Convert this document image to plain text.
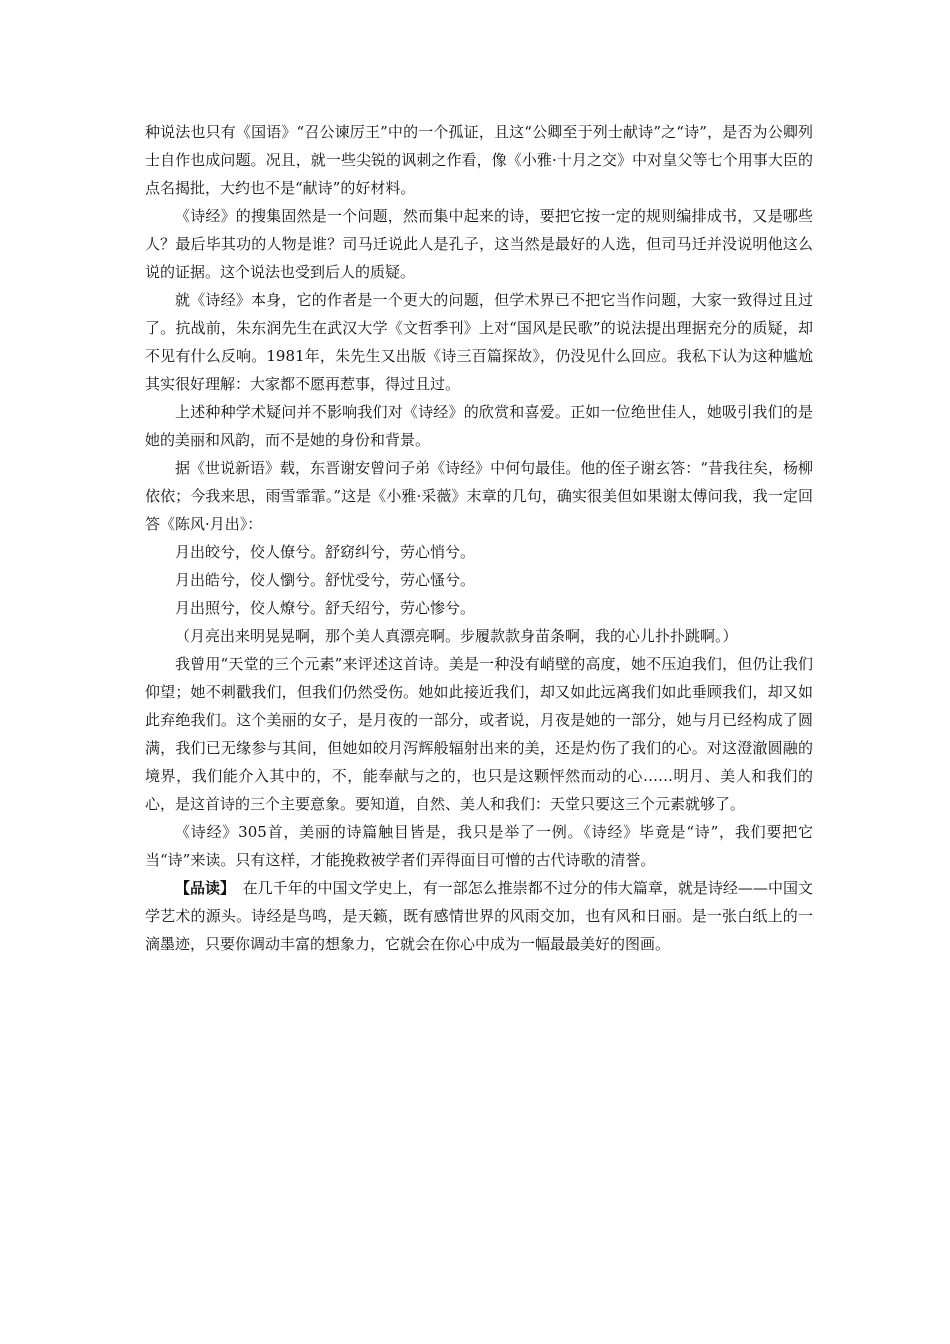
种说法也只有《国语》“召公谏厉王”中的一个孤证，且这“公卿至于列士献诗”之“诗”，是否为公卿列士自作也成问题。况且，就一些尖锐的讽刺之作看，像《小雅·十月之交》中对皇父等七个用事大臣的点名揭批，大约也不是“献诗”的好材料。

《诗经》的搜集固然是一个问题，然而集中起来的诗，要把它按一定的规则编排成书，又是哪些人？最后毕其功的人物是谁？司马迁说此人是孔子，这当然是最好的人选，但司马迁并没说明他这么说的证据。这个说法也受到后人的质疑。

就《诗经》本身，它的作者是一个更大的问题，但学术界已不把它当作问题，大家一致得过且过了。抗战前，朱东润先生在武汉大学《文哲季刊》上对“国风是民歌”的说法提出理据充分的质疑，却不见有什么反响。1981年，朱先生又出版《诗三百篇探故》，仍没见什么回应。我私下认为这种尴尬其实很好理解：大家都不愿再惹事，得过且过。

上述种种学术疑问并不影响我们对《诗经》的欣赏和喜爱。正如一位绝世佳人，她吸引我们的是她的美丽和风韵，而不是她的身份和背景。

据《世说新语》载，东晋谢安曾问子弟《诗经》中何句最佳。他的侄子谢玄答：“昔我往矣，杨柳依依；今我来思，雨雪霏霏。”这是《小雅·采薇》末章的几句，确实很美但如果谢太傅问我，我一定回答《陈风·月出》：

月出皎兮，佼人僚兮。舒窈纠兮，劳心悄兮。

月出皓兮，佼人懰兮。舒忧受兮，劳心慅兮。

月出照兮，佼人燎兮。舒夭绍兮，劳心惨兮。

（月亮出来明晃晃啊，那个美人真漂亮啊。步履款款身苗条啊，我的心儿扑扑跳啊。）

我曾用“天堂的三个元素”来评述这首诗。美是一种没有峭壁的高度，她不压迫我们，但仍让我们仰望；她不刺戳我们，但我们仍然受伤。她如此接近我们，却又如此远离我们如此垂顾我们，却又如此弃绝我们。这个美丽的女子，是月夜的一部分，或者说，月夜是她的一部分，她与月已经构成了圆满，我们已无缘参与其间，但她如皎月泻辉般辐射出来的美，还是灼伤了我们的心。对这澄澈圆融的境界，我们能介入其中的，不，能奉献与之的，也只是这颗怦然而动的心……明月、美人和我们的心，是这首诗的三个主要意象。要知道，自然、美人和我们：天堂只要这三个元素就够了。

《诗经》305首，美丽的诗篇触目皆是，我只是举了一例。《诗经》毕竟是“诗”，我们要把它当“诗”来读。只有这样，才能挽救被学者们弄得面目可憎的古代诗歌的清誉。

【品读】　 在几千年的中国文学史上，有一部怎么推崇都不过分的伟大篇章，就是诗经——中国文学艺术的源头。诗经是鸟鸣，是天籁，既有感情世界的风雨交加，也有风和日丽。是一张白纸上的一滴墨迹，只要你调动丰富的想象力，它就会在你心中成为一幅最最美好的图画。
